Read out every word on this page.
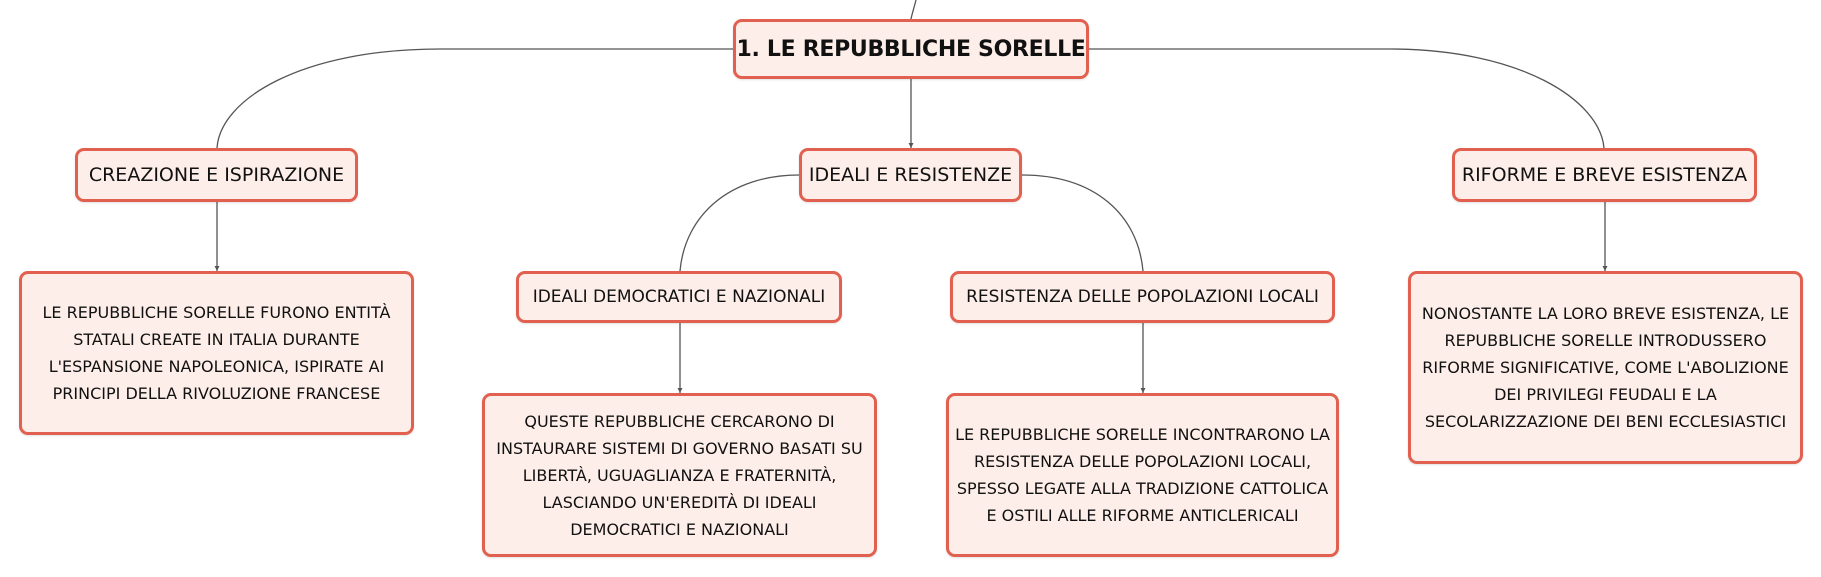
1. LE REPUBBLICHE SORELLE
CREAZIONE E ISPIRAZIONE	IDEALI E RESISTENZE	RIFORME E BREVE ESISTENZA
IDEALI DEMOCRATICI E NAZIONALI	RESISTENZA DELLE POPOLAZIONI LOCALI
LE REPUBBLICHE SORELLE FURONO ENTITÀ STATALI CREATE IN ITALIA DURANTE L'ESPANSIONE NAPOLEONICA, ISPIRATE AI PRINCIPI DELLA RIVOLUZIONE FRANCESE
QUESTE REPUBBLICHE CERCARONO DI INSTAURARE SISTEMI DI GOVERNO BASATI SU LIBERTÀ, UGUAGLIANZA E FRATERNITÀ, LASCIANDO UN'EREDITÀ DI IDEALI DEMOCRATICI E NAZIONALI
LE REPUBBLICHE SORELLE INCONTRARONO LA RESISTENZA DELLE POPOLAZIONI LOCALI, SPESSO LEGATE ALLA TRADIZIONE CATTOLICA E OSTILI ALLE RIFORME ANTICLERICALI
NONOSTANTE LA LORO BREVE ESISTENZA, LE REPUBBLICHE SORELLE INTRODUSSERO RIFORME SIGNIFICATIVE, COME L'ABOLIZIONE DEI PRIVILEGI FEUDALI E LA SECOLARIZZAZIONE DEI BENI ECCLESIASTICI
